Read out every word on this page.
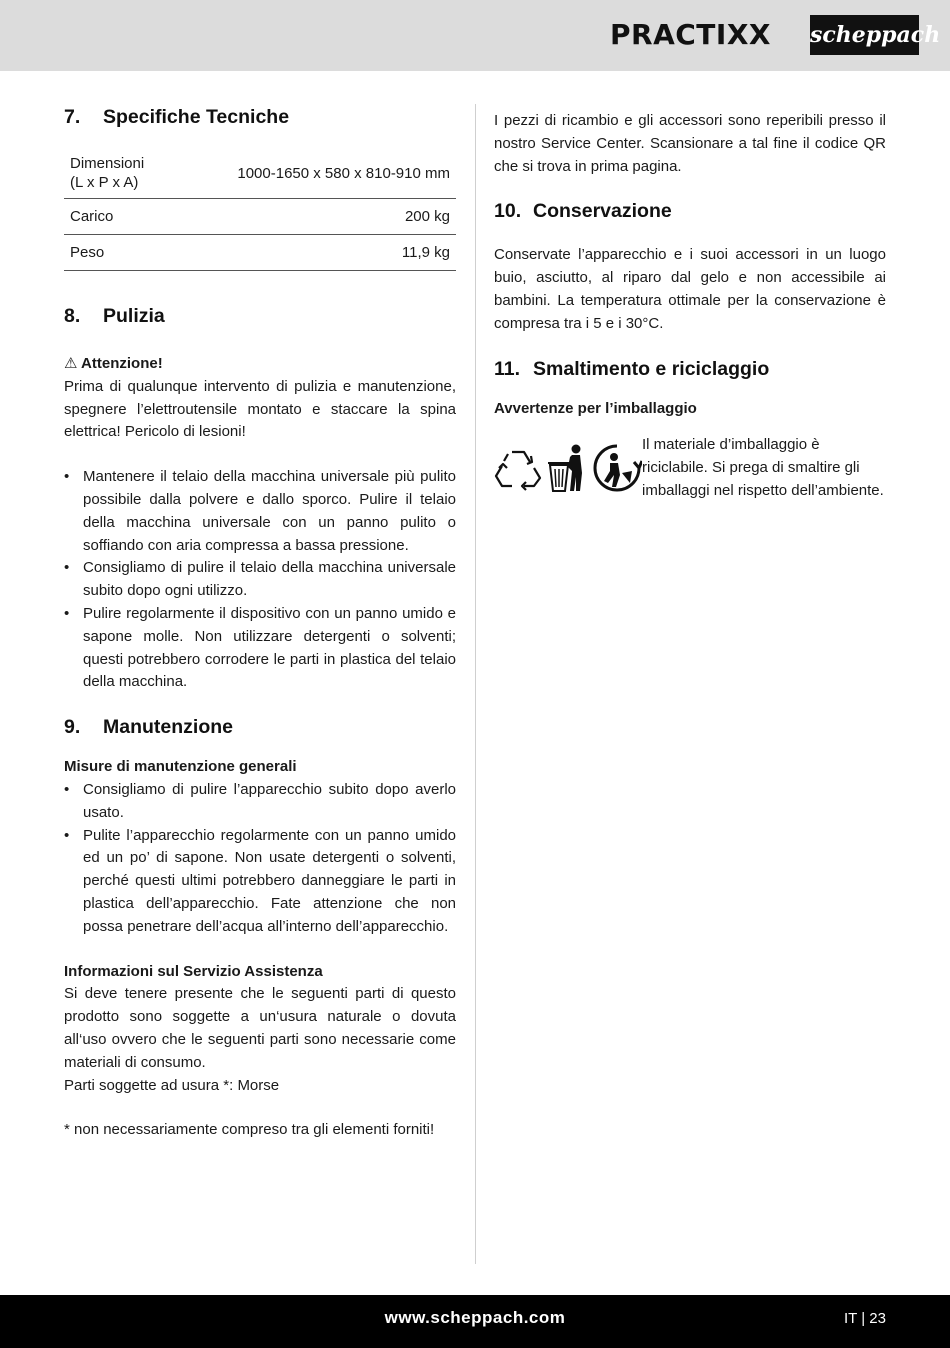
PRACTIXX scheppach
7.	Specifiche Tecniche
Dimensioni
(L x P x A)	1000-1650 x 580 x 810-910 mm
Carico	200 kg
Peso	11,9 kg
8.	Pulizia

⚠ Attenzione!

Prima di qualunque intervento di pulizia e manutenzione, spegnere l’elettroutensile montato e staccare la spina elettrica! Pericolo di lesioni!

• Mantenere il telaio della macchina universale più pulito possibile dalla polvere e dallo sporco. Pulire il telaio della macchina universale con un panno pulito o soffiando con aria compressa a bassa pressione.
• Consigliamo di pulire il telaio della macchina universale subito dopo ogni utilizzo.
• Pulire regolarmente il dispositivo con un panno umido e sapone molle. Non utilizzare detergenti o solventi; questi potrebbero corrodere le parti in plastica del telaio della macchina.
9.	Manutenzione

Misure di manutenzione generali

• Consigliamo di pulire l’apparecchio subito dopo averlo usato.
• Pulite l’apparecchio regolarmente con un panno umido ed un po’ di sapone. Non usate detergenti o solventi, perché questi ultimi potrebbero danneggiare le parti in plastica dell’apparecchio. Fate attenzione che non possa penetrare dell’acqua all’interno dell’apparecchio.

Informazioni sul Servizio Assistenza

Si deve tenere presente che le seguenti parti di questo prodotto sono soggette a un‘usura naturale o dovuta all‘uso ovvero che le seguenti parti sono necessarie come materiali di consumo.

Parti soggette ad usura *: Morse

* non necessariamente compreso tra gli elementi forniti!

I pezzi di ricambio e gli accessori sono reperibili presso il nostro Service Center. Scansionare a tal fine il codice QR che si trova in prima pagina.

10. Conservazione

Conservate l’apparecchio e i suoi accessori in un luogo buio, asciutto, al riparo dal gelo e non accessibile ai bambini. La temperatura ottimale per la conservazione è compresa tra i 5 e i 30°C.

11. Smaltimento e riciclaggio

Avvertenze per l’imballaggio

Il materiale d’imballaggio è riciclabile. Si prega di smaltire gli imballaggi nel rispetto dell’ambiente.

www.scheppach.com	IT | 23
